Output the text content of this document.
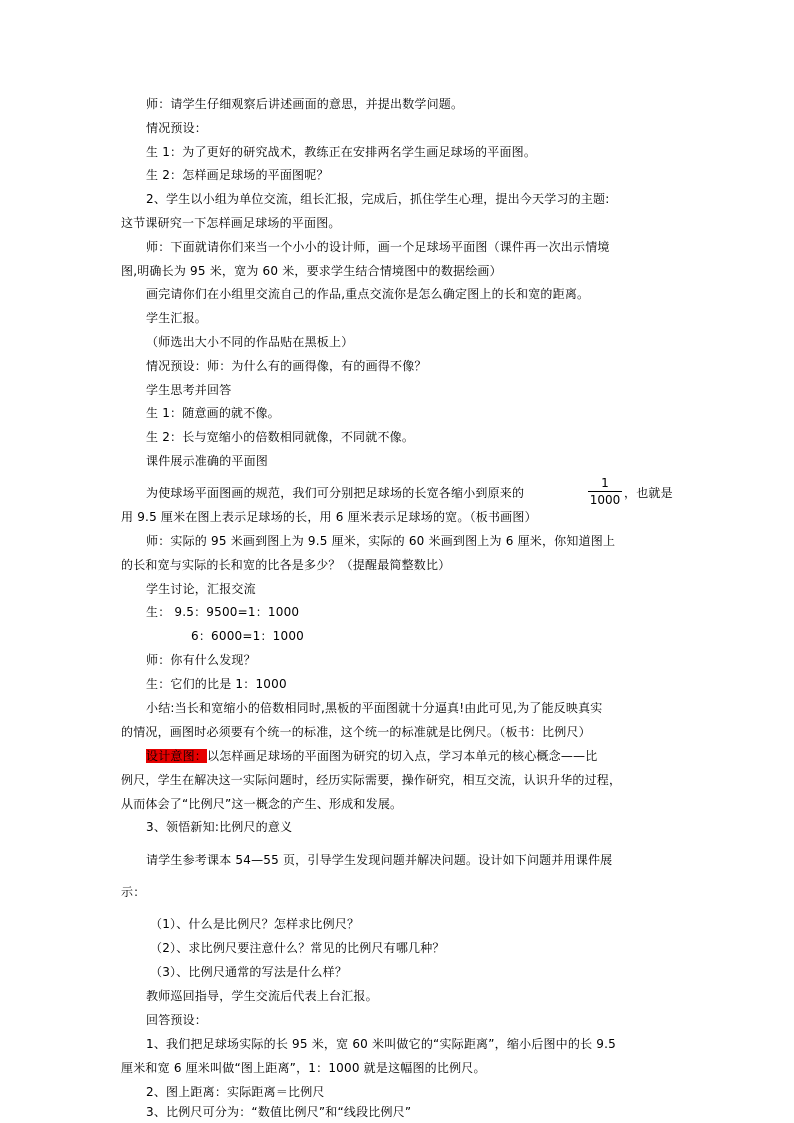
师：请学生仔细观察后讲述画面的意思，并提出数学问题。
情况预设：
生 1：为了更好的研究战术，教练正在安排两名学生画足球场的平面图。
生 2：怎样画足球场的平面图呢？
2、学生以小组为单位交流，组长汇报，完成后，抓住学生心理，提出今天学习的主题:
这节课研究一下怎样画足球场的平面图。
师：下面就请你们来当一个小小的设计师，画一个足球场平面图（课件再一次出示情境
图,明确长为 95 米，宽为 60 米，要求学生结合情境图中的数据绘画）
画完请你们在小组里交流自己的作品,重点交流你是怎么确定图上的长和宽的距离。
学生汇报。
（师选出大小不同的作品贴在黑板上）
情况预设：师：为什么有的画得像，有的画得不像？
学生思考并回答
生 1：随意画的就不像。
生 2：长与宽缩小的倍数相同就像，不同就不像。
课件展示准确的平面图
为使球场平面图画的规范，我们可分别把足球场的长宽各缩小到原来的
1
1000 ，也就是
用 9.5 厘米在图上表示足球场的长，用 6 厘米表示足球场的宽。（板书画图）
师：实际的 95 米画到图上为 9.5 厘米，实际的 60 米画到图上为 6 厘米，你知道图上
的长和宽与实际的长和宽的比各是多少？（提醒最简整数比）
学生讨论，汇报交流
生： 9.5：9500=1：1000
6：6000=1：1000
师：你有什么发现？
生：它们的比是 1：1000
小结:当长和宽缩小的倍数相同时,黑板的平面图就十分逼真!由此可见,为了能反映真实
的情况，画图时必须要有个统一的标准，这个统一的标准就是比例尺。（板书：比例尺）
设计意图：以怎样画足球场的平面图为研究的切入点，学习本单元的核心概念——比
例尺，学生在解决这一实际问题时，经历实际需要，操作研究，相互交流，认识升华的过程，
从而体会了“比例尺”这一概念的产生、形成和发展。
3、领悟新知:比例尺的意义
请学生参考课本 54—55 页，引导学生发现问题并解决问题。设计如下问题并用课件展
示：
（1）、什么是比例尺？怎样求比例尺？
（2）、求比例尺要注意什么？常见的比例尺有哪几种？
（3）、比例尺通常的写法是什么样？
教师巡回指导，学生交流后代表上台汇报。
回答预设：
1、我们把足球场实际的长 95 米，宽 60 米叫做它的“实际距离”，缩小后图中的长 9.5
厘米和宽 6 厘米叫做“图上距离”，1：1000 就是这幅图的比例尺。
2、图上距离：实际距离＝比例尺
3、比例尺可分为：“数值比例尺”和“线段比例尺”
